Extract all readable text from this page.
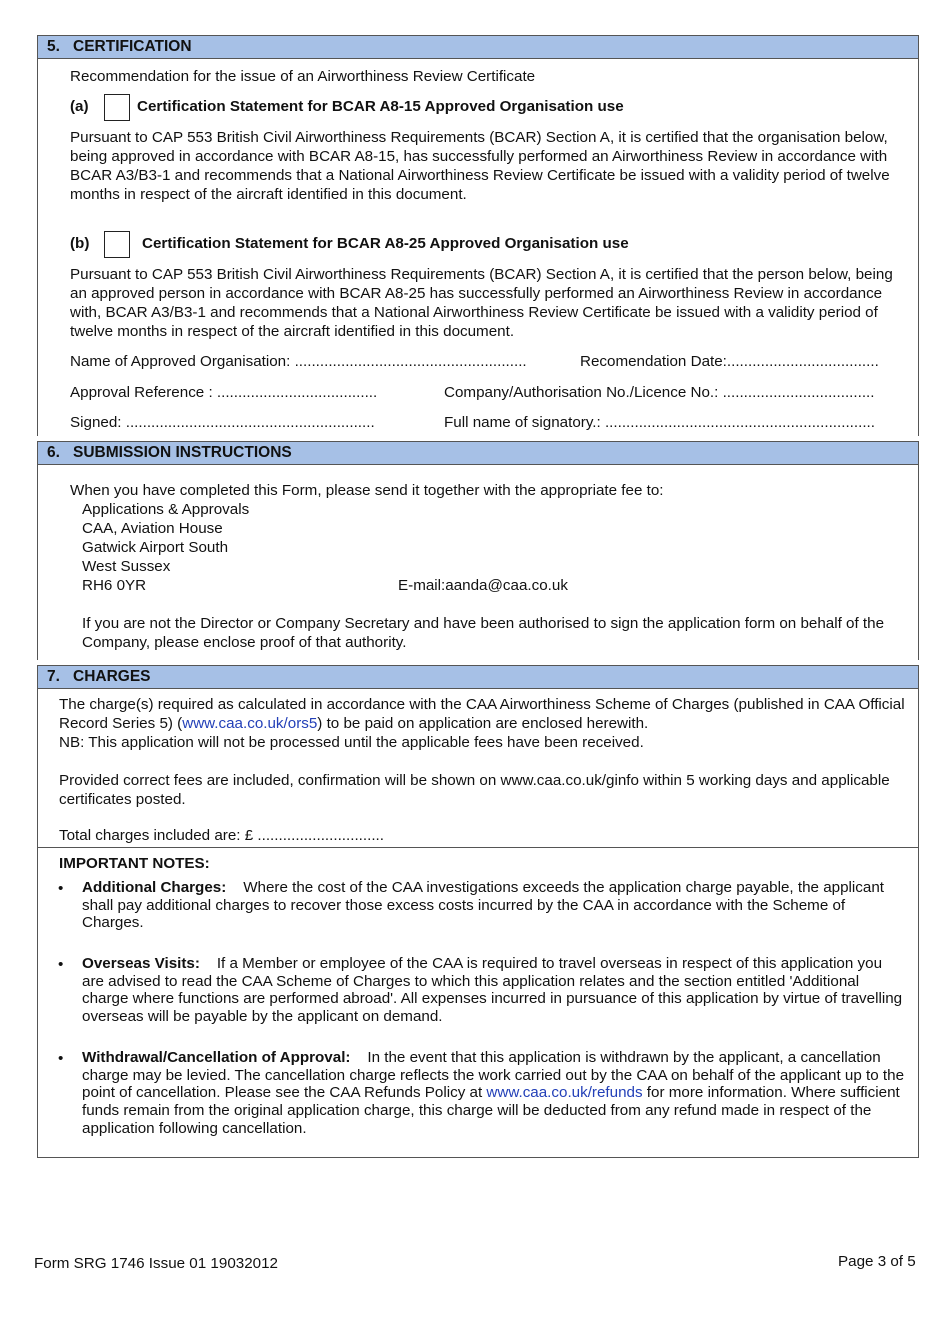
5. CERTIFICATION
Recommendation for the issue of an Airworthiness Review Certificate
(a)	Certification Statement for BCAR A8-15 Approved Organisation use
Pursuant to CAP 553 British Civil Airworthiness Requirements (BCAR) Section A, it is certified that the organisation below, being approved in accordance with BCAR A8-15, has successfully performed an Airworthiness Review in accordance with BCAR A3/B3-1 and recommends that a National Airworthiness Review Certificate be issued with a validity period of twelve months in respect of the aircraft identified in this document.
(b)	Certification Statement for BCAR A8-25 Approved Organisation use
Pursuant to CAP 553 British Civil Airworthiness Requirements (BCAR) Section A, it is certified that the person below, being an approved person in accordance with BCAR A8-25 has successfully performed an Airworthiness Review in accordance with, BCAR A3/B3-1 and recommends that a National Airworthiness Review Certificate be issued with a validity period of twelve months in respect of the aircraft identified in this document.
Name of Approved Organisation: .......................................................	Recomendation Date:....................................
Approval Reference : ......................................	Company/Authorisation No./Licence No.: ....................................
Signed: ...........................................................	Full name of signatory.: ................................................................
6. SUBMISSION INSTRUCTIONS
When you have completed this Form, please send it together with the appropriate fee to:
Applications & Approvals
CAA, Aviation House
Gatwick Airport South
West Sussex
RH6 0YR	E-mail:aanda@caa.co.uk
If you are not the Director or Company Secretary and have been authorised to sign the application form on behalf of the Company, please enclose proof of that authority.
7. CHARGES
The charge(s) required as calculated in accordance with the CAA Airworthiness Scheme of Charges (published in CAA Official Record Series 5) (www.caa.co.uk/ors5) to be paid on application are enclosed herewith.
NB: This application will not be processed until the applicable fees have been received.
Provided correct fees are included, confirmation will be shown on www.caa.co.uk/ginfo within 5 working days and applicable certificates posted.
Total charges included are: £ ..............................
IMPORTANT NOTES:
• Additional Charges: Where the cost of the CAA investigations exceeds the application charge payable, the applicant shall pay additional charges to recover those excess costs incurred by the CAA in accordance with the Scheme of Charges.
• Overseas Visits: If a Member or employee of the CAA is required to travel overseas in respect of this application you are advised to read the CAA Scheme of Charges to which this application relates and the section entitled 'Additional charge where functions are performed abroad'. All expenses incurred in pursuance of this application by virtue of travelling overseas will be payable by the applicant on demand.
• Withdrawal/Cancellation of Approval: In the event that this application is withdrawn by the applicant, a cancellation charge may be levied. The cancellation charge reflects the work carried out by the CAA on behalf of the applicant up to the point of cancellation. Please see the CAA Refunds Policy at www.caa.co.uk/refunds for more information. Where sufficient funds remain from the original application charge, this charge will be deducted from any refund made in respect of the application following cancellation.
Form SRG 1746 Issue 01 19032012	Page 3 of 5
